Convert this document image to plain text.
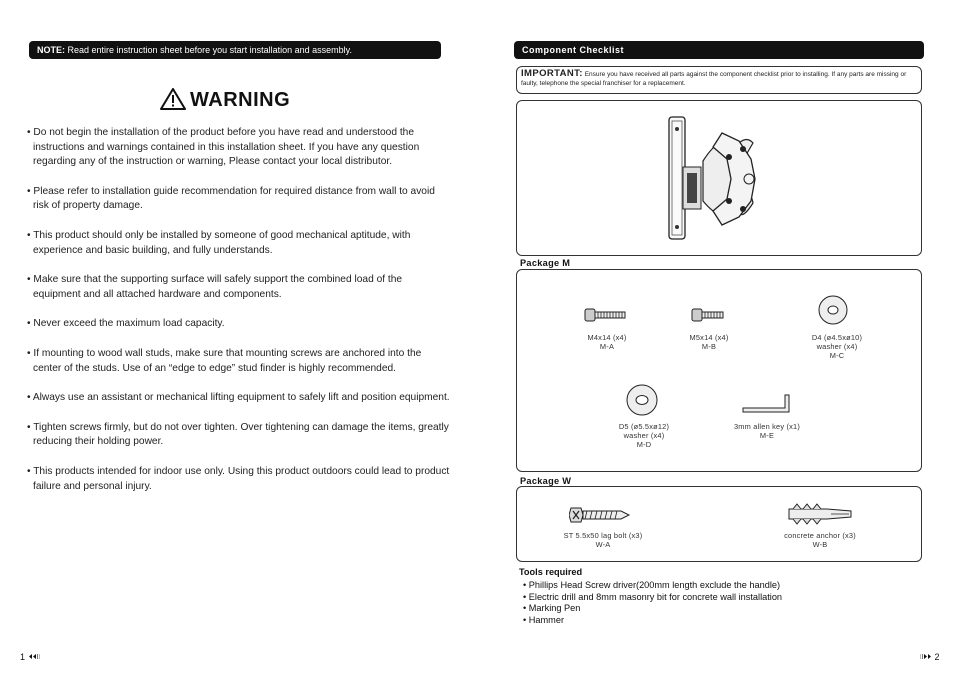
NOTE: Read entire instruction sheet before you start installation and assembly.
WARNING
• Do not begin the installation of the product before you have read and understood the instructions and warnings contained in this installation sheet. If you have any question regarding any of the instruction or warning, Please contact your local distributor.
• Please refer to installation guide recommendation for required distance from wall to avoid risk of property damage.
• This product should only be installed by someone of good mechanical aptitude, with experience and basic building, and fully understands.
• Make sure that the supporting surface will safely support the combined load of the equipment and all attached hardware and components.
• Never exceed the maximum load capacity.
• If mounting to wood wall studs, make sure that mounting screws are anchored into the center of the studs. Use of an “edge to edge” stud finder is highly recommended.
• Always use an assistant or mechanical lifting equipment to safely lift and position equipment.
• Tighten screws firmly, but do not over tighten. Over tightening can damage the items, greatly reducing their holding power.
• This products intended for indoor use only. Using this product outdoors could lead to product failure and personal injury.
1
Component Checklist
IMPORTANT: Ensure you have received all parts against the component checklist prior to installing. If any parts are missing or faulty, telephone the special franchiser for a replacement.
Package M
M4x14 (x4)
M-A
M5x14 (x4)
M-B
D4 (ø4.5xø10)
washer (x4)
M-C
D5 (ø5.5xø12)
washer (x4)
M-D
3mm allen key (x1)
M-E
Package W
ST 5.5x50 lag bolt (x3)
W-A
concrete anchor (x3)
W-B
Tools required
• Phillips Head Screw driver(200mm length exclude the handle)
• Electric drill and 8mm masonry bit for concrete wall installation
• Marking Pen
• Hammer
2
